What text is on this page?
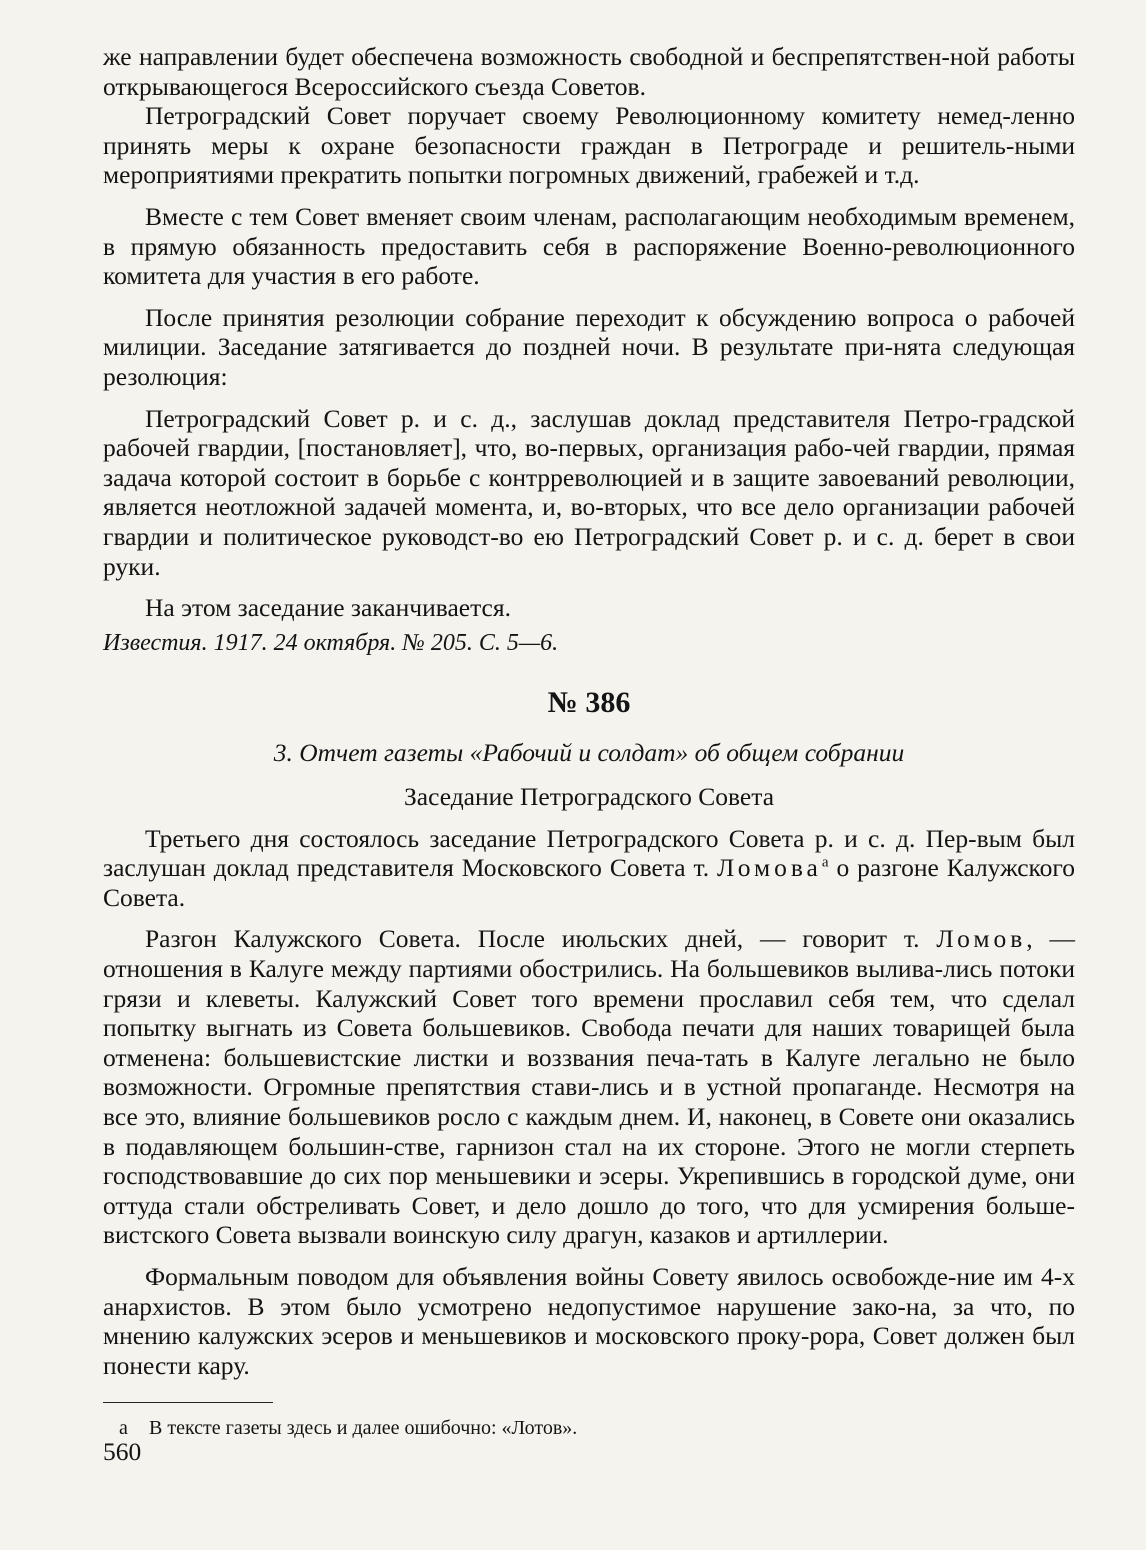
же направлении будет обеспечена возможность свободной и беспрепятствен-ной работы открывающегося Всероссийского съезда Советов.

Петроградский Совет поручает своему Революционному комитету немед-ленно принять меры к охране безопасности граждан в Петрограде и решитель-ными мероприятиями прекратить попытки погромных движений, грабежей и т.д.

Вместе с тем Совет вменяет своим членам, располагающим необходимым временем, в прямую обязанность предоставить себя в распоряжение Военно-революционного комитета для участия в его работе.

После принятия резолюции собрание переходит к обсуждению вопроса о рабочей милиции. Заседание затягивается до поздней ночи. В результате при-нята следующая резолюция:

Петроградский Совет р. и с. д., заслушав доклад представителя Петро-градской рабочей гвардии, [постановляет], что, во-первых, организация рабо-чей гвардии, прямая задача которой состоит в борьбе с контрреволюцией и в защите завоеваний революции, является неотложной задачей момента, и, во-вторых, что все дело организации рабочей гвардии и политическое руководст-во ею Петроградский Совет р. и с. д. берет в свои руки.

На этом заседание заканчивается.

Известия. 1917. 24 октября. № 205. С. 5—6.

№ 386
3. Отчет газеты «Рабочий и солдат» об общем собрании
Заседание Петроградского Совета

Третьего дня состоялось заседание Петроградского Совета р. и с. д. Пер-вым был заслушан доклад представителя Московского Совета т. Ломова$^а$ о разгоне Калужского Совета.

Разгон Калужского Совета. После июльских дней, — говорит т. Ломов, — отношения в Калуге между партиями обострились. На большевиков вылива-лись потоки грязи и клеветы. Калужский Совет того времени прославил себя тем, что сделал попытку выгнать из Совета большевиков. Свобода печати для наших товарищей была отменена: большевистские листки и воззвания печа-тать в Калуге легально не было возможности. Огромные препятствия стави-лись и в устной пропаганде. Несмотря на все это, влияние большевиков росло с каждым днем. И, наконец, в Совете они оказались в подавляющем большин-стве, гарнизон стал на их стороне. Этого не могли стерпеть господствовавшие до сих пор меньшевики и эсеры. Укрепившись в городской думе, они оттуда стали обстреливать Совет, и дело дошло до того, что для усмирения больше-вистского Совета вызвали воинскую силу драгун, казаков и артиллерии.

Формальным поводом для объявления войны Совету явилось освобожде-ние им 4-х анархистов. В этом было усмотрено недопустимое нарушение зако-на, за что, по мнению калужских эсеров и меньшевиков и московского проку-рора, Совет должен был понести кару.

а В тексте газеты здесь и далее ошибочно: «Лотов».

560
